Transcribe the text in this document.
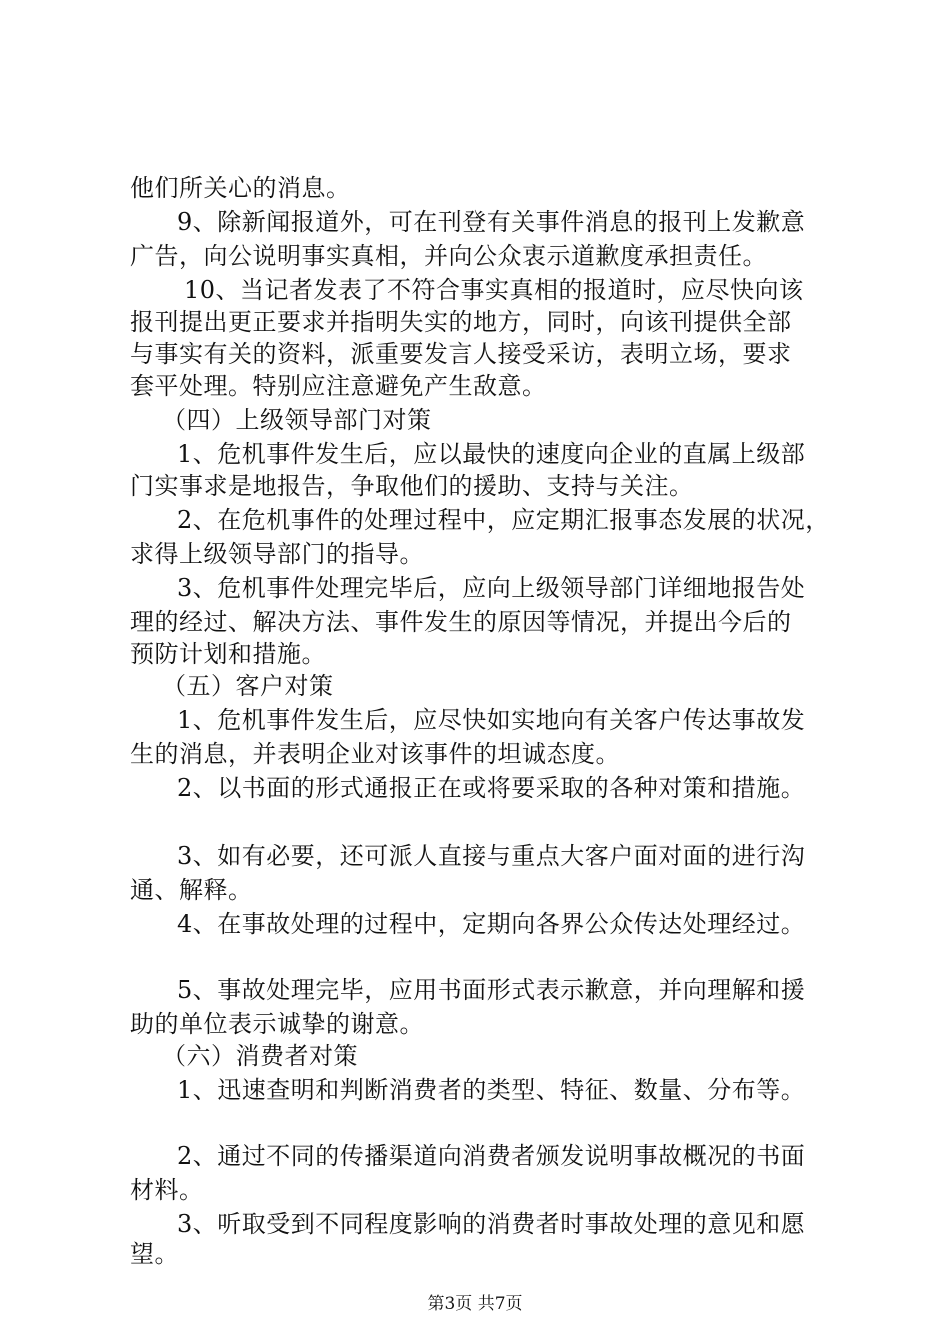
他们所关心的消息。
9、除新闻报道外，可在刊登有关事件消息的报刊上发歉意
广告，向公说明事实真相，并向公众衷示道歉度承担责任。
10、当记者发表了不符合事实真相的报道时，应尽快向该
报刊提出更正要求并指明失实的地方，同时，向该刊提供全部
与事实有关的资料，派重要发言人接受采访，表明立场，要求
套平处理。特别应注意避免产生敌意。
（四）上级领导部门对策
1、危机事件发生后，应以最快的速度向企业的直属上级部
门实事求是地报告，争取他们的援助、支持与关注。
2、在危机事件的处理过程中，应定期汇报事态发展的状况，
求得上级领导部门的指导。
3、危机事件处理完毕后，应向上级领导部门详细地报告处
理的经过、解决方法、事件发生的原因等情况，并提出今后的
预防计划和措施。
（五）客户对策
1、危机事件发生后，应尽快如实地向有关客户传达事故发
生的消息，并表明企业对该事件的坦诚态度。
2、以书面的形式通报正在或将要采取的各种对策和措施。
3、如有必要，还可派人直接与重点大客户面对面的进行沟
通、解释。
4、在事故处理的过程中，定期向各界公众传达处理经过。
5、事故处理完毕，应用书面形式表示歉意，并向理解和援
助的单位表示诚挚的谢意。
（六）消费者对策
1、迅速查明和判断消费者的类型、特征、数量、分布等。
2、通过不同的传播渠道向消费者颁发说明事故概况的书面
材料。
3、听取受到不同程度影响的消费者时事故处理的意见和愿
望。
第3页 共7页
